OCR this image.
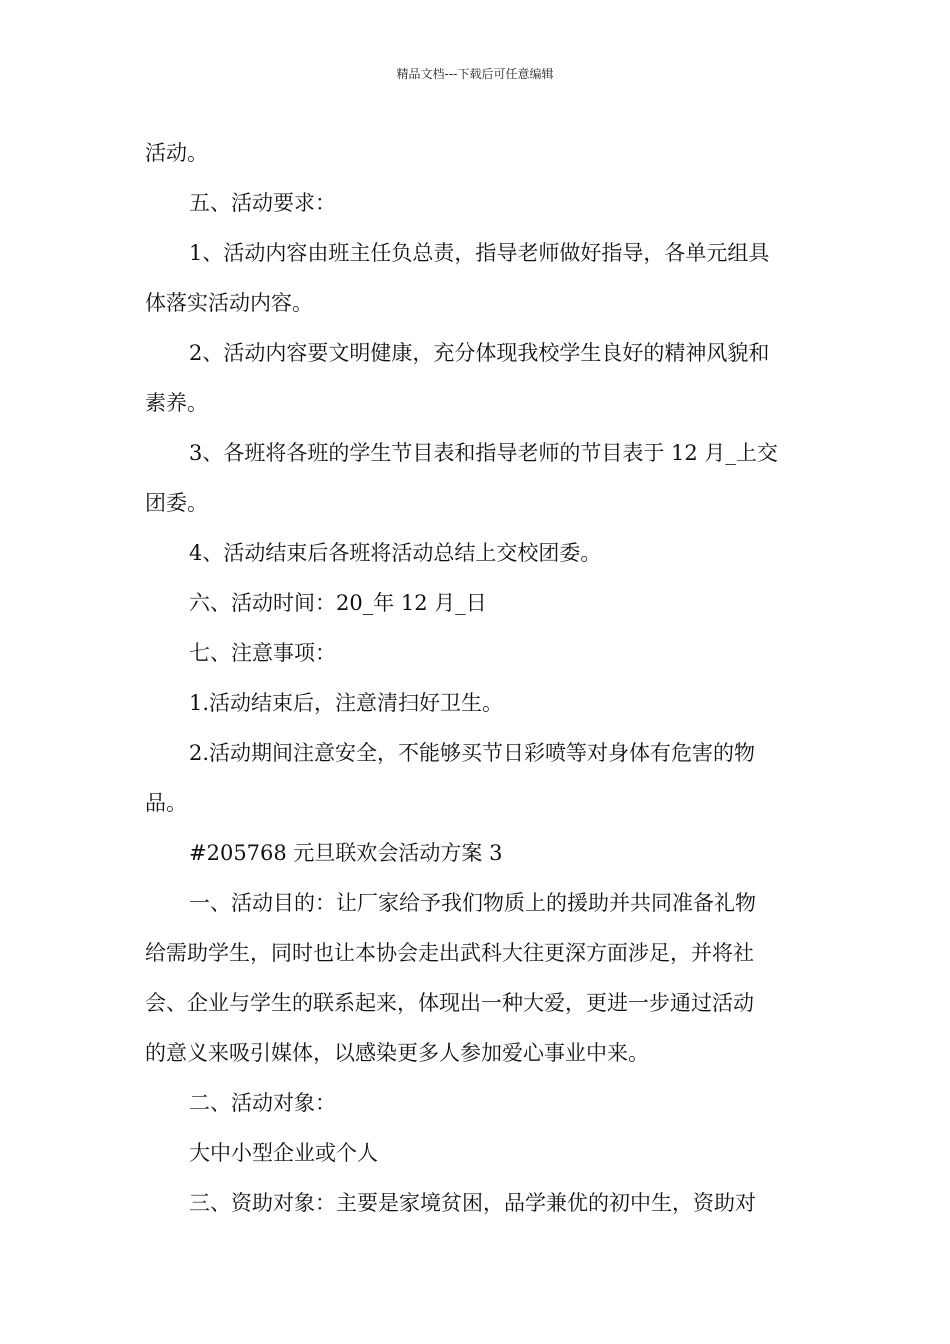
精品文档---下载后可任意编辑
活动。
五、活动要求：
1、活动内容由班主任负总责，指导老师做好指导，各单元组具
体落实活动内容。
2、活动内容要文明健康，充分体现我校学生良好的精神风貌和
素养。
3、各班将各班的学生节目表和指导老师的节目表于 12 月_上交
团委。
4、活动结束后各班将活动总结上交校团委。
六、活动时间：20_年 12 月_日
七、注意事项：
1.活动结束后，注意清扫好卫生。
2.活动期间注意安全，不能够买节日彩喷等对身体有危害的物
品。
#205768 元旦联欢会活动方案 3
一、活动目的：让厂家给予我们物质上的援助并共同准备礼物
给需助学生，同时也让本协会走出武科大往更深方面涉足，并将社
会、企业与学生的联系起来，体现出一种大爱，更进一步通过活动
的意义来吸引媒体，以感染更多人参加爱心事业中来。
二、活动对象：
大中小型企业或个人
三、资助对象：主要是家境贫困，品学兼优的初中生，资助对
